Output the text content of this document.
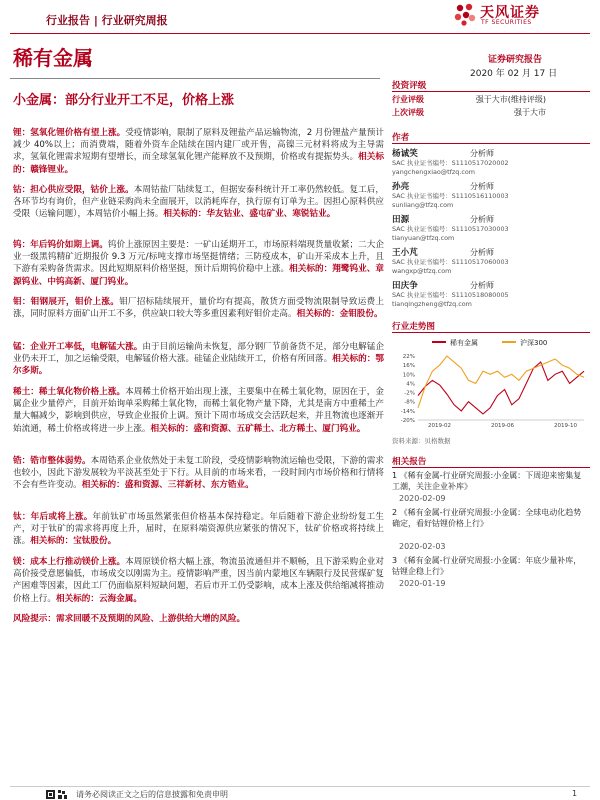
行业报告 | 行业研究周报	天风证券
TF SECURITIES
稀有金属	证券研究报告
2020 年 02 月 17 日
小金属：部分行业开工不足，价格上涨
锂：氢氧化锂价格有望上涨。受疫情影响，限制了原料及锂盐产品运输物流，2 月份锂盐产量预计减少 40%以上；而消费端，随着外资车企陆续在国内建厂或开售，高镍三元材料将成为主导需求，氢氧化锂需求短期有望增长，而全球氢氧化锂产能释放不及预期，价格或有提振势头。相关标的：赣锋锂业。
钴：担心供应受限，钴价上涨。本周钴盐厂陆续复工，但据安泰科统计开工率仍然较低。复工后，各环节均有询价，但产业链采购尚未全面展开，以消耗库存，执行原有订单为主。因担心原料供应受限（运输问题），本周钴价小幅上扬。相关标的：华友钴业、盛屯矿业、寒锐钴业。
钨：年后钨价如期上调。钨价上涨原因主要是：一矿山延期开工，市场原料端现货量收紧；二大企业一级黑钨精矿近期报价 9.3 万元/标吨支撑市场坚挺情绪；三防疫成本，矿山开采成本上升，且下游有采购备货需求。因此短期原料价格坚挺，预计后期钨价稳中上涨。相关标的：翔鹭钨业、章源钨业、中钨高新、厦门钨业。
钼：钼钢展开，钼价上涨。钼厂招标陆续展开，量价均有提高，散货方面受物流限制导致运费上涨，同时原料方面矿山开工不多，供应缺口较大等多重因素利好钼价走高。相关标的：金钼股份。
锰：企业开工率低，电解锰大涨。由于目前运输尚未恢复，部分钢厂节前备货不足，部分电解锰企业仍未开工，加之运输受限，电解锰价格大涨。硅锰企业陆续开工，价格有所回落。相关标的：鄂尔多斯。
稀土：稀土氧化物价格上涨。本周稀土价格开始出现上涨，主要集中在稀土氧化物，原因在于，金属企业少量停产，目前开始询单采购稀土氧化物，而稀土氧化物产量下降，尤其是南方中重稀土产量大幅减少，影响到供应，导致企业报价上调。预计下周市场成交会活跃起来，并且物流也逐渐开始流通，稀土价格或将进一步上涨。相关标的：盛和资源、五矿稀土、北方稀土、厦门钨业。
锆：锆市整体弱势。本周锆系企业依然处于未复工阶段，受疫情影响物流运输也受限，下游的需求也较小，因此下游发展较为平淡甚至处于下行。从目前的市场来看，一段时间内市场价格和行情将不会有些许变动。相关标的：盛和资源、三祥新材、东方锆业。
钛：年后或将上涨。年前钛矿市场虽然紧张但价格基本保持稳定。年后随着下游企业纷纷复工生产，对于钛矿的需求将再度上升，届时，在原料端资源供应紧张的情况下，钛矿价格或将持续上涨。相关标的：宝钛股份。
镁：成本上行推动镁价上涨。本周原镁价格大幅上涨，物流虽流通但并不顺畅，且下游采购企业对高价接受意愿偏低，市场成交以刚需为主。疫情影响严重，因当前内蒙地区车辆限行及民营煤矿复产困难等因素，因此工厂仍面临原料短缺问题，若后市开工仍受影响，成本上涨及供给缩减将推动价格上行。相关标的：云海金属。
风险提示：需求回暖不及预期的风险、上游供给大增的风险。
投资评级
行业评级	强于大市(维持评级)
上次评级	强于大市
作者
杨诚笑	分析师
SAC 执业证书编号：S1110517020002
yangchengxiao@tfzq.com
孙亮	分析师
SAC 执业证书编号：S1110516110003
sunliang@tfzq.com
田源	分析师
SAC 执业证书编号：S1110517030003
tianyuan@tfzq.com
王小芃	分析师
SAC 执业证书编号：S1110517060003
wangxp@tfzq.com
田庆争	分析师
SAC 执业证书编号：S1110518080005
tianqingzheng@tfzq.com
行业走势图
稀有金属	沪深300
22%
16%
10%
4%
-2%
-8%
-14%
-20%
2019-02	2019-06	2019-10
资料来源：贝格数据
相关报告
1 《稀有金属-行业研究周报:小金属：下周迎来密集复工潮，关注企业补库》
2020-02-09
2 《稀有金属-行业研究周报:小金属：全球电动化趋势确定，看好钴锂价格上行》
2020-02-03
3 《稀有金属-行业研究周报:小金属：年底少量补库，钴锂企稳上行》
2020-01-19
请务必阅读正文之后的信息披露和免责申明	1
